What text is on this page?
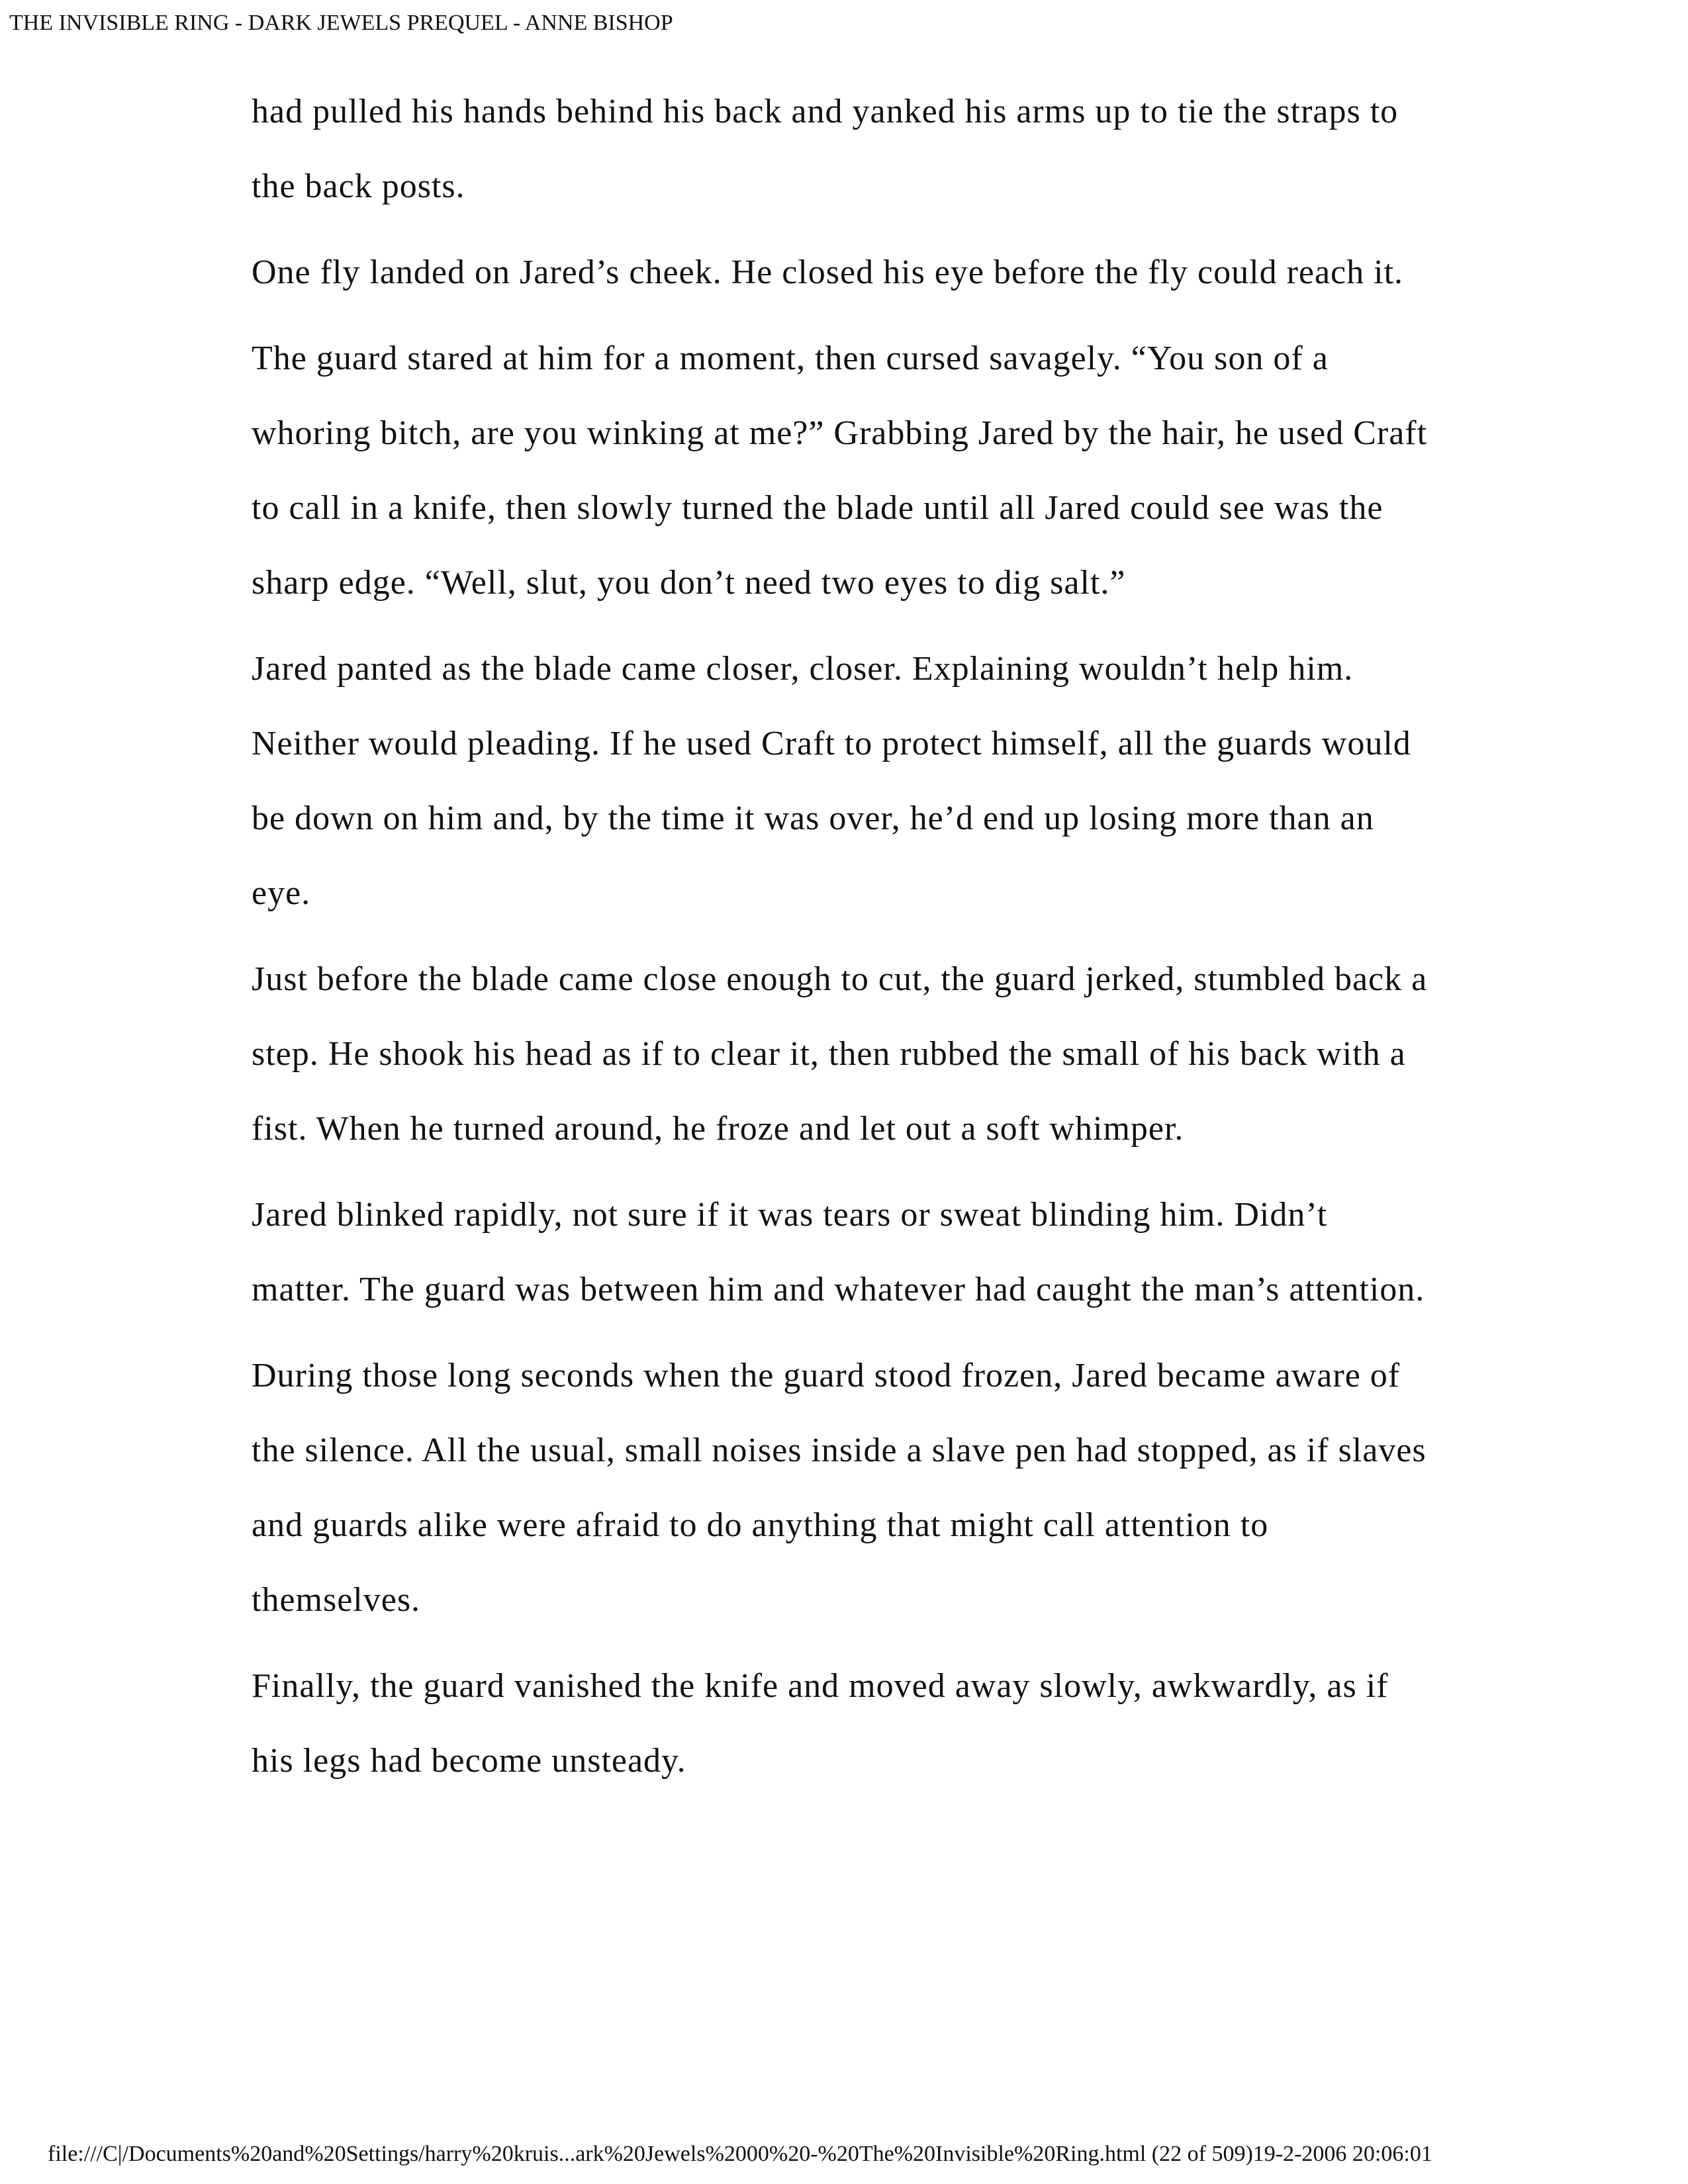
THE INVISIBLE RING - DARK JEWELS PREQUEL - ANNE BISHOP

had pulled his hands behind his back and yanked his arms up to tie the straps to the back posts.

One fly landed on Jared’s cheek. He closed his eye before the fly could reach it.

The guard stared at him for a moment, then cursed savagely. “You son of a whoring bitch, are you winking at me?” Grabbing Jared by the hair, he used Craft to call in a knife, then slowly turned the blade until all Jared could see was the sharp edge. “Well, slut, you don’t need two eyes to dig salt.”

Jared panted as the blade came closer, closer. Explaining wouldn’t help him. Neither would pleading. If he used Craft to protect himself, all the guards would be down on him and, by the time it was over, he’d end up losing more than an eye.

Just before the blade came close enough to cut, the guard jerked, stumbled back a step. He shook his head as if to clear it, then rubbed the small of his back with a fist. When he turned around, he froze and let out a soft whimper.

Jared blinked rapidly, not sure if it was tears or sweat blinding him. Didn’t matter. The guard was between him and whatever had caught the man’s attention.

During those long seconds when the guard stood frozen, Jared became aware of the silence. All the usual, small noises inside a slave pen had stopped, as if slaves and guards alike were afraid to do anything that might call attention to themselves.

Finally, the guard vanished the knife and moved away slowly, awkwardly, as if his legs had become unsteady.

file:///C|/Documents%20and%20Settings/harry%20kruis...ark%20Jewels%2000%20-%20The%20Invisible%20Ring.html (22 of 509)19-2-2006 20:06:01
